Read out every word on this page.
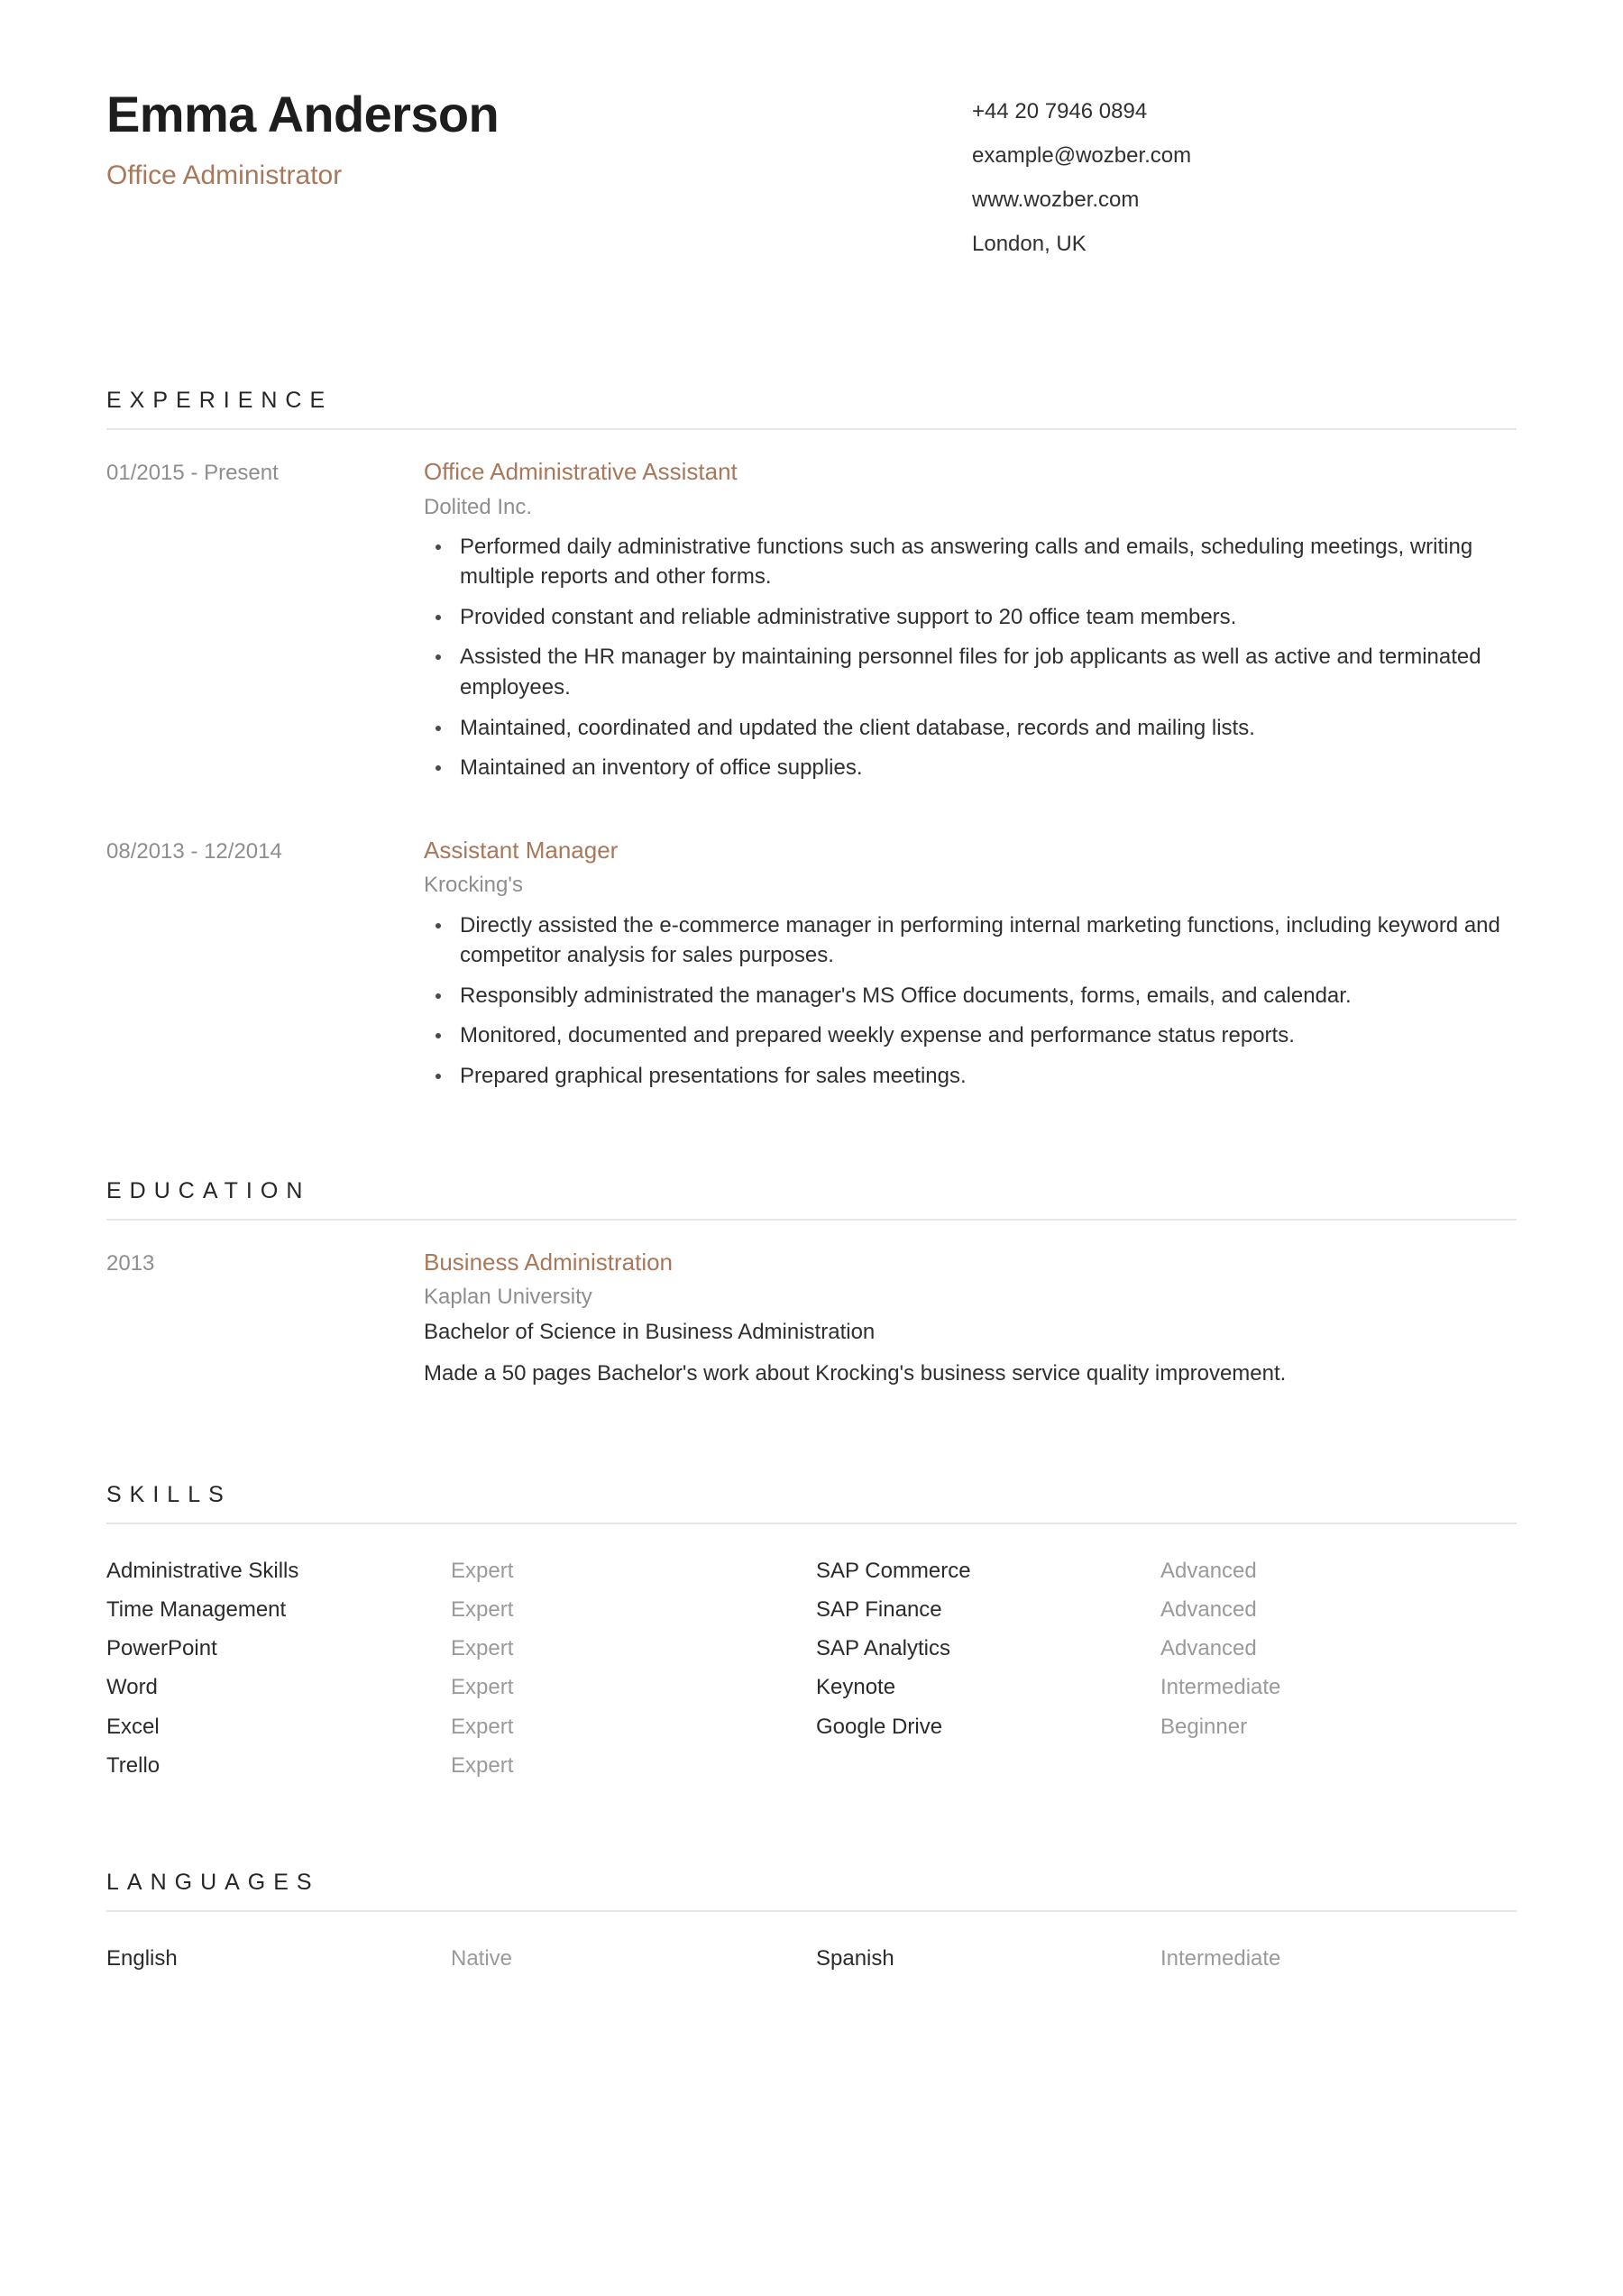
Emma Anderson
Office Administrator
+44 20 7946 0894
example@wozber.com
www.wozber.com
London, UK
EXPERIENCE
01/2015 - Present	Office Administrative Assistant
Dolited Inc.
Performed daily administrative functions such as answering calls and emails, scheduling meetings, writing multiple reports and other forms.
Provided constant and reliable administrative support to 20 office team members.
Assisted the HR manager by maintaining personnel files for job applicants as well as active and terminated employees.
Maintained, coordinated and updated the client database, records and mailing lists.
Maintained an inventory of office supplies.
08/2013 - 12/2014	Assistant Manager
Krocking's
Directly assisted the e-commerce manager in performing internal marketing functions, including keyword and competitor analysis for sales purposes.
Responsibly administrated the manager's MS Office documents, forms, emails, and calendar.
Monitored, documented and prepared weekly expense and performance status reports.
Prepared graphical presentations for sales meetings.
EDUCATION
2013	Business Administration
Kaplan University
Bachelor of Science in Business Administration
Made a 50 pages Bachelor's work about Krocking's business service quality improvement.
SKILLS
Administrative Skills	Expert	SAP Commerce	Advanced
Time Management	Expert	SAP Finance	Advanced
PowerPoint	Expert	SAP Analytics	Advanced
Word	Expert	Keynote	Intermediate
Excel	Expert	Google Drive	Beginner
Trello	Expert
LANGUAGES
English	Native	Spanish	Intermediate
